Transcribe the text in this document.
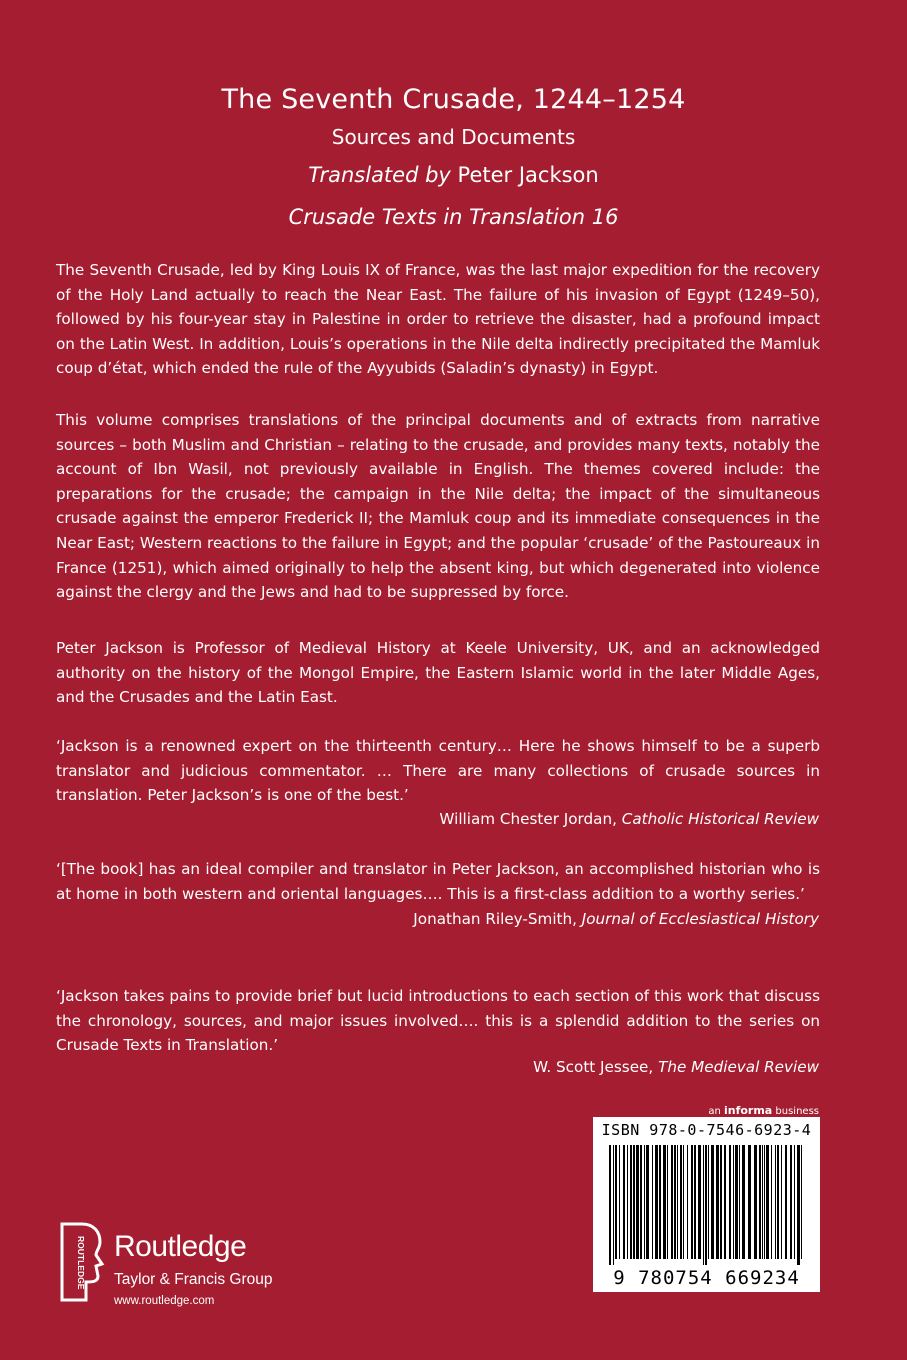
The Seventh Crusade, 1244–1254
Sources and Documents
Translated by Peter Jackson
Crusade Texts in Translation 16

The Seventh Crusade, led by King Louis IX of France, was the last major expedition for the recovery of the Holy Land actually to reach the Near East. The failure of his invasion of Egypt (1249–50), followed by his four-year stay in Palestine in order to retrieve the disaster, had a profound impact on the Latin West. In addition, Louis’s operations in the Nile delta indirectly precipitated the Mamluk coup d’état, which ended the rule of the Ayyubids (Saladin’s dynasty) in Egypt.

This volume comprises translations of the principal documents and of extracts from narrative sources – both Muslim and Christian – relating to the crusade, and provides many texts, notably the account of Ibn Wasil, not previously available in English. The themes covered include: the preparations for the crusade; the campaign in the Nile delta; the impact of the simultaneous crusade against the emperor Frederick II; the Mamluk coup and its immediate consequences in the Near East; Western reactions to the failure in Egypt; and the popular ‘crusade’ of the Pastoureaux in France (1251), which aimed originally to help the absent king, but which degenerated into violence against the clergy and the Jews and had to be suppressed by force.

Peter Jackson is Professor of Medieval History at Keele University, UK, and an acknowledged authority on the history of the Mongol Empire, the Eastern Islamic world in the later Middle Ages, and the Crusades and the Latin East.

‘Jackson is a renowned expert on the thirteenth century… Here he shows himself to be a superb translator and judicious commentator. … There are many collections of crusade sources in translation. Peter Jackson’s is one of the best.’

William Chester Jordan, Catholic Historical Review

‘[The book] has an ideal compiler and translator in Peter Jackson, an accomplished historian who is at home in both western and oriental languages…. This is a first-class addition to a worthy series.’

Jonathan Riley-Smith, Journal of Ecclesiastical History

‘Jackson takes pains to provide brief but lucid introductions to each section of this work that discuss the chronology, sources, and major issues involved…. this is a splendid addition to the series on Crusade Texts in Translation.’

W. Scott Jessee, The Medieval Review
an informa business
ISBN 978-0-7546-6923-4
9 780754 669234
ROUTLEDGE Routledge
Taylor & Francis Group
www.routledge.com
